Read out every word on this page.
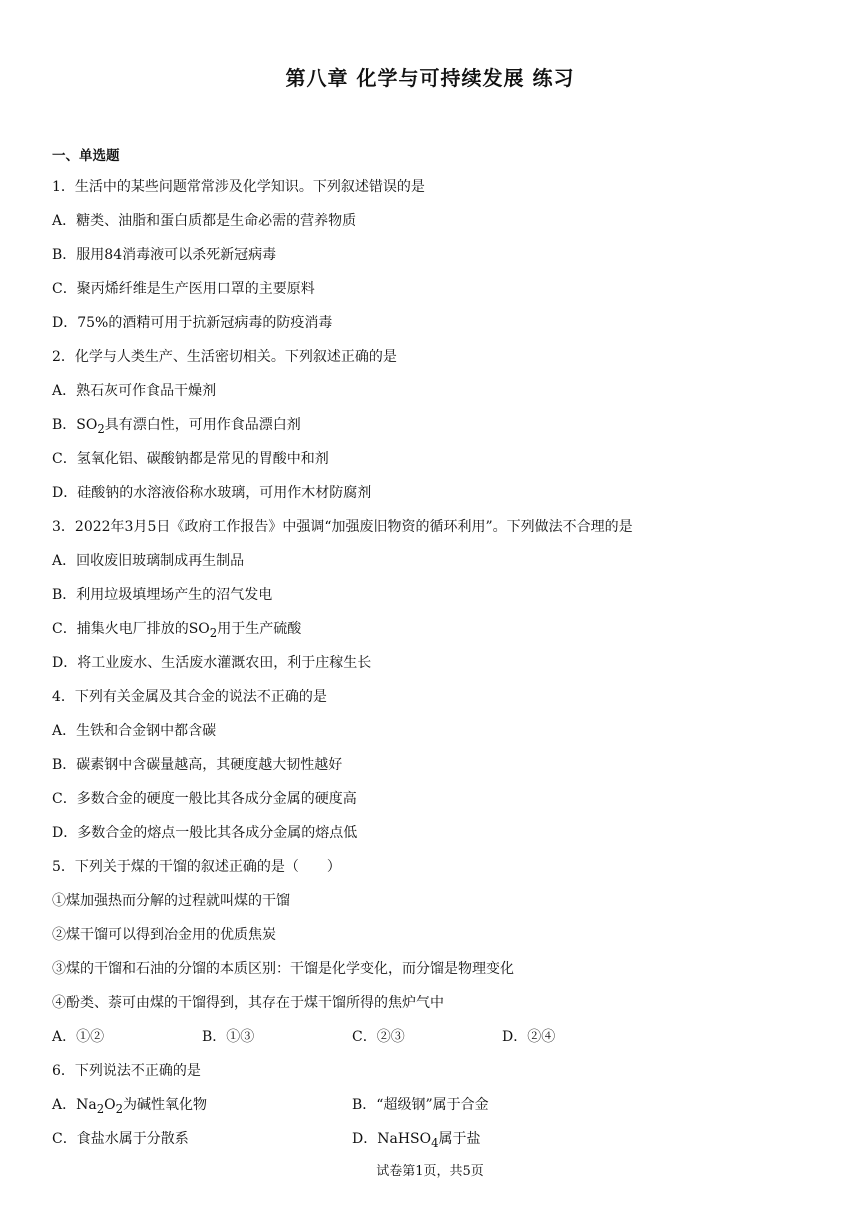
第八章 化学与可持续发展 练习
一、单选题
1．生活中的某些问题常常涉及化学知识。下列叙述错误的是
A．糖类、油脂和蛋白质都是生命必需的营养物质
B．服用84消毒液可以杀死新冠病毒
C．聚丙烯纤维是生产医用口罩的主要原料
D．75%的酒精可用于抗新冠病毒的防疫消毒
2．化学与人类生产、生活密切相关。下列叙述正确的是
A．熟石灰可作食品干燥剂
B．$SO_2$具有漂白性，可用作食品漂白剂
C．氢氧化铝、碳酸钠都是常见的胃酸中和剂
D．硅酸钠的水溶液俗称水玻璃，可用作木材防腐剂
3．2022年3月5日《政府工作报告》中强调“加强废旧物资的循环利用”。下列做法不合理的是
A．回收废旧玻璃制成再生制品
B．利用垃圾填埋场产生的沼气发电
C．捕集火电厂排放的$SO_2$用于生产硫酸
D．将工业废水、生活废水灌溉农田，利于庄稼生长
4．下列有关金属及其合金的说法不正确的是
A．生铁和合金钢中都含碳
B．碳素钢中含碳量越高，其硬度越大韧性越好
C．多数合金的硬度一般比其各成分金属的硬度高
D．多数合金的熔点一般比其各成分金属的熔点低
5．下列关于煤的干馏的叙述正确的是（　　）
①煤加强热而分解的过程就叫煤的干馏
②煤干馏可以得到冶金用的优质焦炭
③煤的干馏和石油的分馏的本质区别：干馏是化学变化，而分馏是物理变化
④酚类、萘可由煤的干馏得到，其存在于煤干馏所得的焦炉气中
A．①②	B．①③	C．②③	D．②④
6．下列说法不正确的是
A．$Na_2O_2$为碱性氧化物	B．“超级钢”属于合金
C．食盐水属于分散系	D．NaHSO$_4$属于盐
试卷第1页，共5页
